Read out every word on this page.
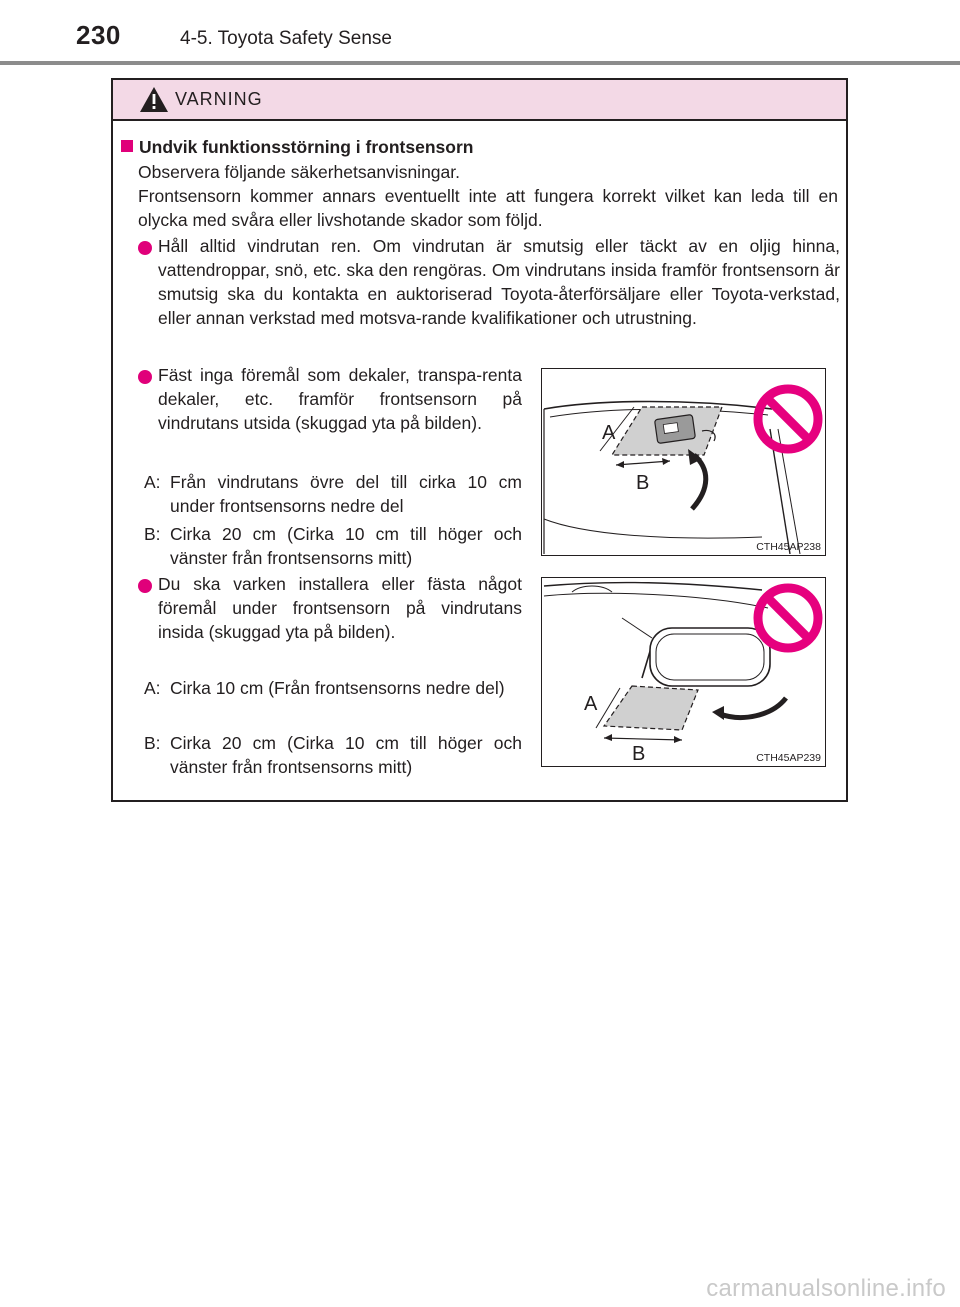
230	4-5. Toyota Safety Sense
VARNING
Undvik funktionsstörning i frontsensorn
Observera följande säkerhetsanvisningar.
Frontsensorn kommer annars eventuellt inte att fungera korrekt vilket kan leda till en olycka med svåra eller livshotande skador som följd.
Håll alltid vindrutan ren. Om vindrutan är smutsig eller täckt av en oljig hinna, vattendroppar, snö, etc. ska den rengöras. Om vindrutans insida framför frontsensorn är smutsig ska du kontakta en auktoriserad Toyota-återförsäljare eller Toyota-verkstad, eller annan verkstad med motsva-rande kvalifikationer och utrustning.
Fäst inga föremål som dekaler, transpa-renta dekaler, etc. framför frontsensorn på vindrutans utsida (skuggad yta på bilden).
A: Från vindrutans övre del till cirka 10 cm under frontsensorns nedre del
B: Cirka 20 cm (Cirka 10 cm till höger och vänster från frontsensorns mitt)
Du ska varken installera eller fästa något föremål under frontsensorn på vindrutans insida (skuggad yta på bilden).
A: Cirka 10 cm (Från frontsensorns nedre del)
B: Cirka 20 cm (Cirka 10 cm till höger och vänster från frontsensorns mitt)
A
B
CTH45AP238
A
B	CTH45AP239
carmanualsonline.info
